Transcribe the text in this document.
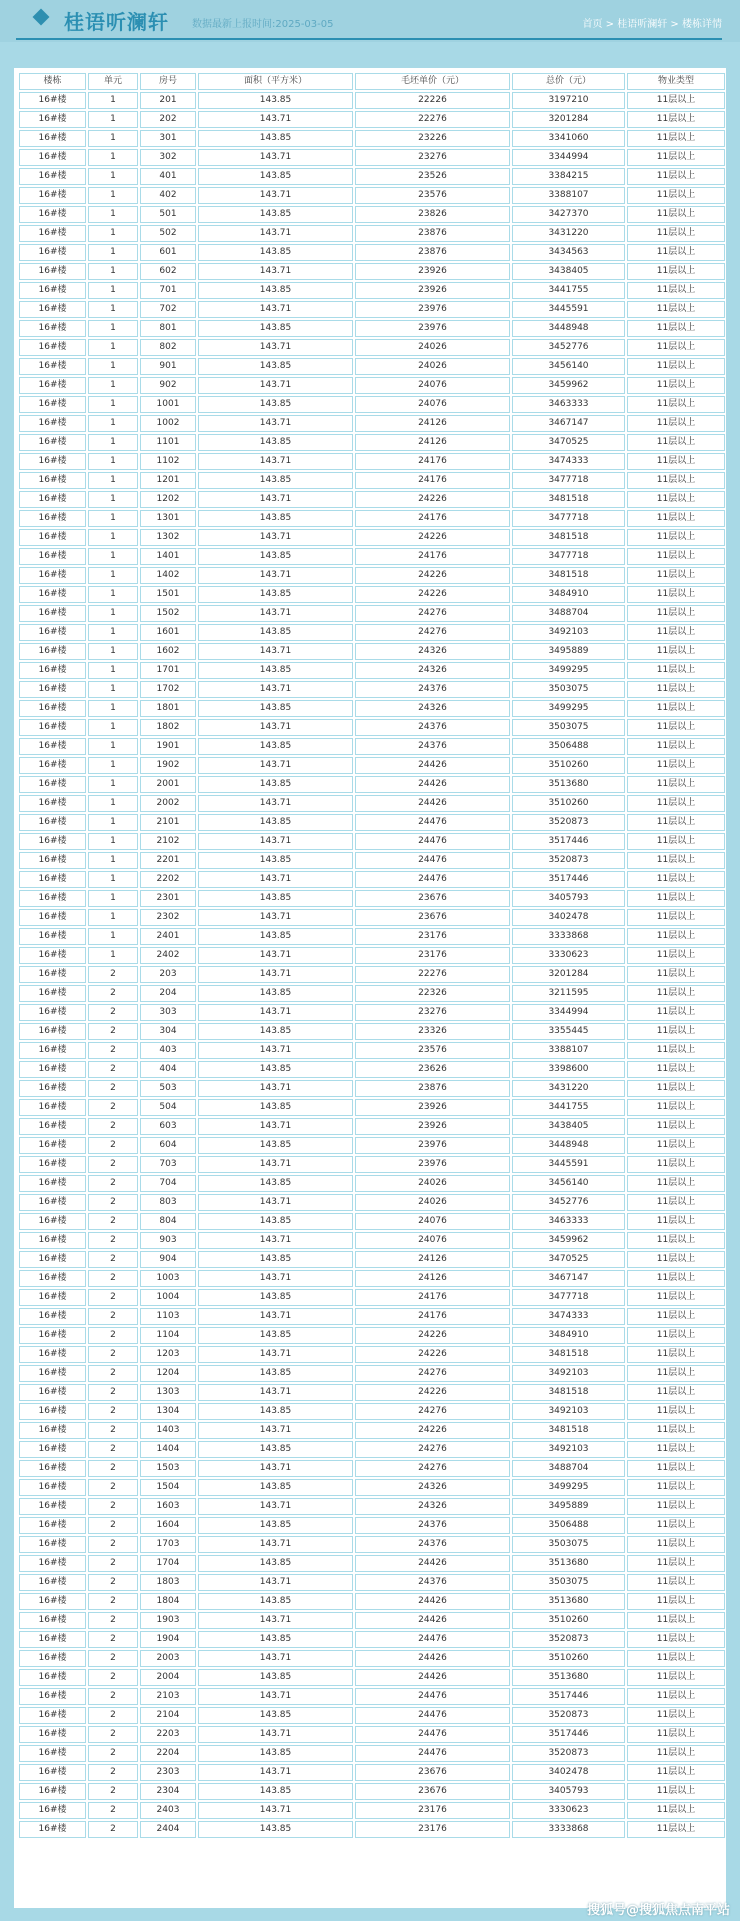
桂语听澜轩 数据最新上报时间:2025-03-05	首页 > 桂语听澜轩 > 楼栋详情
楼栋	单元	房号	面积（平方米）	毛坯单价（元）	总价（元）	物业类型
16#楼	1	201	143.85	22226	3197210	11层以上
16#楼	1	202	143.71	22276	3201284	11层以上
16#楼	1	301	143.85	23226	3341060	11层以上
16#楼	1	302	143.71	23276	3344994	11层以上
16#楼	1	401	143.85	23526	3384215	11层以上
16#楼	1	402	143.71	23576	3388107	11层以上
16#楼	1	501	143.85	23826	3427370	11层以上
16#楼	1	502	143.71	23876	3431220	11层以上
16#楼	1	601	143.85	23876	3434563	11层以上
16#楼	1	602	143.71	23926	3438405	11层以上
16#楼	1	701	143.85	23926	3441755	11层以上
16#楼	1	702	143.71	23976	3445591	11层以上
16#楼	1	801	143.85	23976	3448948	11层以上
16#楼	1	802	143.71	24026	3452776	11层以上
16#楼	1	901	143.85	24026	3456140	11层以上
16#楼	1	902	143.71	24076	3459962	11层以上
16#楼	1	1001	143.85	24076	3463333	11层以上
16#楼	1	1002	143.71	24126	3467147	11层以上
16#楼	1	1101	143.85	24126	3470525	11层以上
16#楼	1	1102	143.71	24176	3474333	11层以上
16#楼	1	1201	143.85	24176	3477718	11层以上
16#楼	1	1202	143.71	24226	3481518	11层以上
16#楼	1	1301	143.85	24176	3477718	11层以上
16#楼	1	1302	143.71	24226	3481518	11层以上
16#楼	1	1401	143.85	24176	3477718	11层以上
16#楼	1	1402	143.71	24226	3481518	11层以上
16#楼	1	1501	143.85	24226	3484910	11层以上
16#楼	1	1502	143.71	24276	3488704	11层以上
16#楼	1	1601	143.85	24276	3492103	11层以上
16#楼	1	1602	143.71	24326	3495889	11层以上
16#楼	1	1701	143.85	24326	3499295	11层以上
16#楼	1	1702	143.71	24376	3503075	11层以上
16#楼	1	1801	143.85	24326	3499295	11层以上
16#楼	1	1802	143.71	24376	3503075	11层以上
16#楼	1	1901	143.85	24376	3506488	11层以上
16#楼	1	1902	143.71	24426	3510260	11层以上
16#楼	1	2001	143.85	24426	3513680	11层以上
16#楼	1	2002	143.71	24426	3510260	11层以上
16#楼	1	2101	143.85	24476	3520873	11层以上
16#楼	1	2102	143.71	24476	3517446	11层以上
16#楼	1	2201	143.85	24476	3520873	11层以上
16#楼	1	2202	143.71	24476	3517446	11层以上
16#楼	1	2301	143.85	23676	3405793	11层以上
16#楼	1	2302	143.71	23676	3402478	11层以上
16#楼	1	2401	143.85	23176	3333868	11层以上
16#楼	1	2402	143.71	23176	3330623	11层以上
16#楼	2	203	143.71	22276	3201284	11层以上
16#楼	2	204	143.85	22326	3211595	11层以上
16#楼	2	303	143.71	23276	3344994	11层以上
16#楼	2	304	143.85	23326	3355445	11层以上
16#楼	2	403	143.71	23576	3388107	11层以上
16#楼	2	404	143.85	23626	3398600	11层以上
16#楼	2	503	143.71	23876	3431220	11层以上
16#楼	2	504	143.85	23926	3441755	11层以上
16#楼	2	603	143.71	23926	3438405	11层以上
16#楼	2	604	143.85	23976	3448948	11层以上
16#楼	2	703	143.71	23976	3445591	11层以上
16#楼	2	704	143.85	24026	3456140	11层以上
16#楼	2	803	143.71	24026	3452776	11层以上
16#楼	2	804	143.85	24076	3463333	11层以上
16#楼	2	903	143.71	24076	3459962	11层以上
16#楼	2	904	143.85	24126	3470525	11层以上
16#楼	2	1003	143.71	24126	3467147	11层以上
16#楼	2	1004	143.85	24176	3477718	11层以上
16#楼	2	1103	143.71	24176	3474333	11层以上
16#楼	2	1104	143.85	24226	3484910	11层以上
16#楼	2	1203	143.71	24226	3481518	11层以上
16#楼	2	1204	143.85	24276	3492103	11层以上
16#楼	2	1303	143.71	24226	3481518	11层以上
16#楼	2	1304	143.85	24276	3492103	11层以上
16#楼	2	1403	143.71	24226	3481518	11层以上
16#楼	2	1404	143.85	24276	3492103	11层以上
16#楼	2	1503	143.71	24276	3488704	11层以上
16#楼	2	1504	143.85	24326	3499295	11层以上
16#楼	2	1603	143.71	24326	3495889	11层以上
16#楼	2	1604	143.85	24376	3506488	11层以上
16#楼	2	1703	143.71	24376	3503075	11层以上
16#楼	2	1704	143.85	24426	3513680	11层以上
16#楼	2	1803	143.71	24376	3503075	11层以上
16#楼	2	1804	143.85	24426	3513680	11层以上
16#楼	2	1903	143.71	24426	3510260	11层以上
16#楼	2	1904	143.85	24476	3520873	11层以上
16#楼	2	2003	143.71	24426	3510260	11层以上
16#楼	2	2004	143.85	24426	3513680	11层以上
16#楼	2	2103	143.71	24476	3517446	11层以上
16#楼	2	2104	143.85	24476	3520873	11层以上
16#楼	2	2203	143.71	24476	3517446	11层以上
16#楼	2	2204	143.85	24476	3520873	11层以上
16#楼	2	2303	143.71	23676	3402478	11层以上
16#楼	2	2304	143.85	23676	3405793	11层以上
16#楼	2	2403	143.71	23176	3330623	11层以上
16#楼	2	2404	143.85	23176	3333868	11层以上
搜狐号@搜狐焦点南平站
